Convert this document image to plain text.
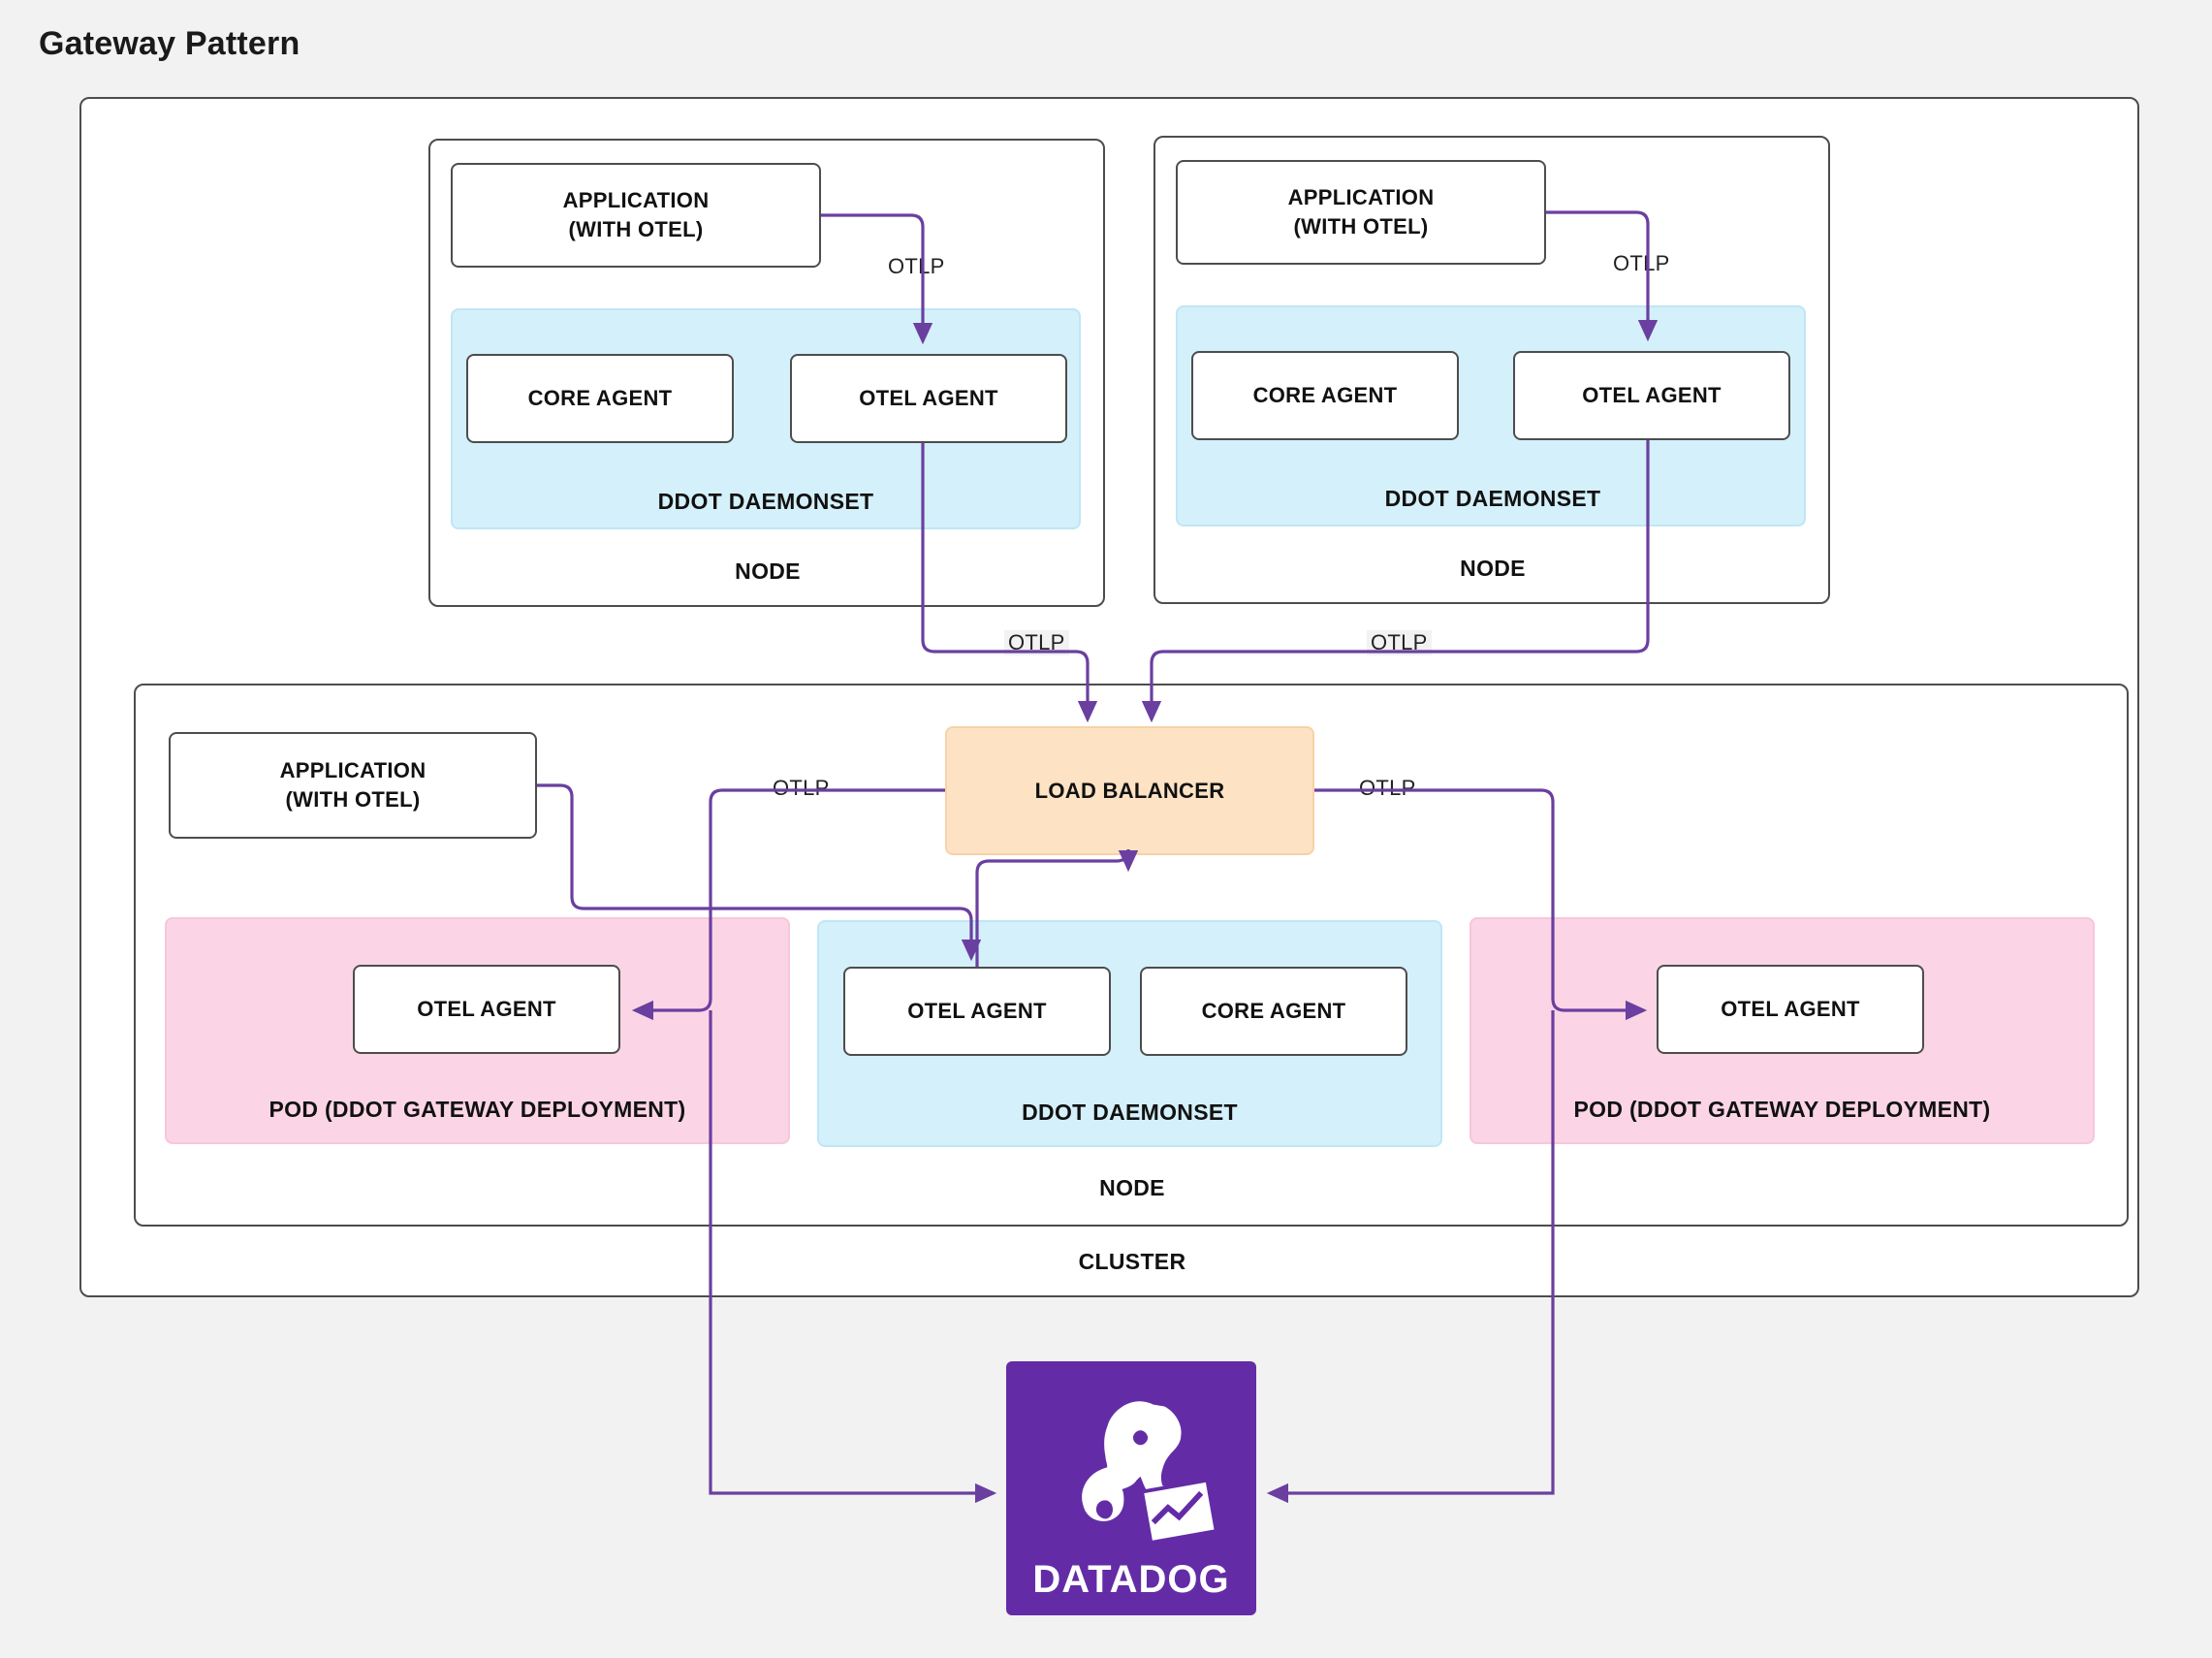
Gateway Pattern
CLUSTER
NODE
APPLICATION
(WITH OTEL)
DDOT DAEMONSET
CORE AGENT	OTEL AGENT
OTLP
OTLP
NODE
APPLICATION
(WITH OTEL)
DDOT DAEMONSET
CORE AGENT	OTEL AGENT
OTLP
OTLP
NODE
APPLICATION
(WITH OTEL)	LOAD BALANCER
POD (DDOT GATEWAY DEPLOYMENT)
OTEL AGENT
DDOT DAEMONSET
OTEL AGENT	CORE AGENT
POD (DDOT GATEWAY DEPLOYMENT)
OTEL AGENT
OTLP	OTLP
DATADOG
